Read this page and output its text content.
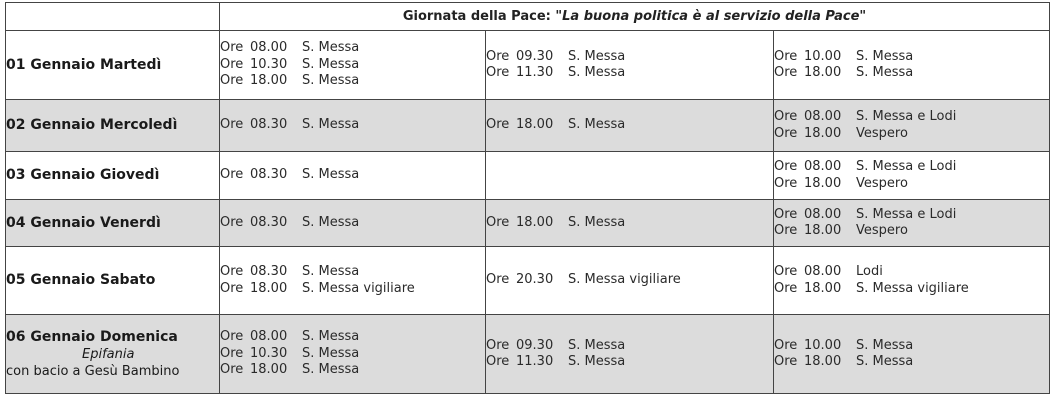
	Giornata della Pace: "La buona politica è al servizio della Pace"		
01 Gennaio Martedì	Ore 08.00 S. Messa
Ore 10.30 S. Messa
Ore 18.00 S. Messa	Ore 09.30 S. Messa
Ore 11.30 S. Messa	Ore 10.00 S. Messa
Ore 18.00 S. Messa

02 Gennaio Mercoledì	Ore 08.30 S. Messa	Ore 18.00 S. Messa	Ore 08.00 S. Messa e Lodi
Ore 18.00 Vespero

03 Gennaio Giovedì	Ore 08.30 S. Messa		Ore 08.00 S. Messa e Lodi
Ore 18.00 Vespero

04 Gennaio Venerdì	Ore 08.30 S. Messa	Ore 18.00 S. Messa	Ore 08.00 S. Messa e Lodi
Ore 18.00 Vespero

05 Gennaio Sabato	Ore 08.30 S. Messa
Ore 18.00 S. Messa vigiliare	Ore 20.30 S. Messa vigiliare	Ore 08.00 Lodi
Ore 18.00 S. Messa vigiliare

06 Gennaio Domenica
Epifania
con bacio a Gesù Bambino	Ore 08.00 S. Messa
Ore 10.30 S. Messa
Ore 18.00 S. Messa	Ore 09.30 S. Messa
Ore 11.30 S. Messa	Ore 10.00 S. Messa
Ore 18.00 S. Messa
